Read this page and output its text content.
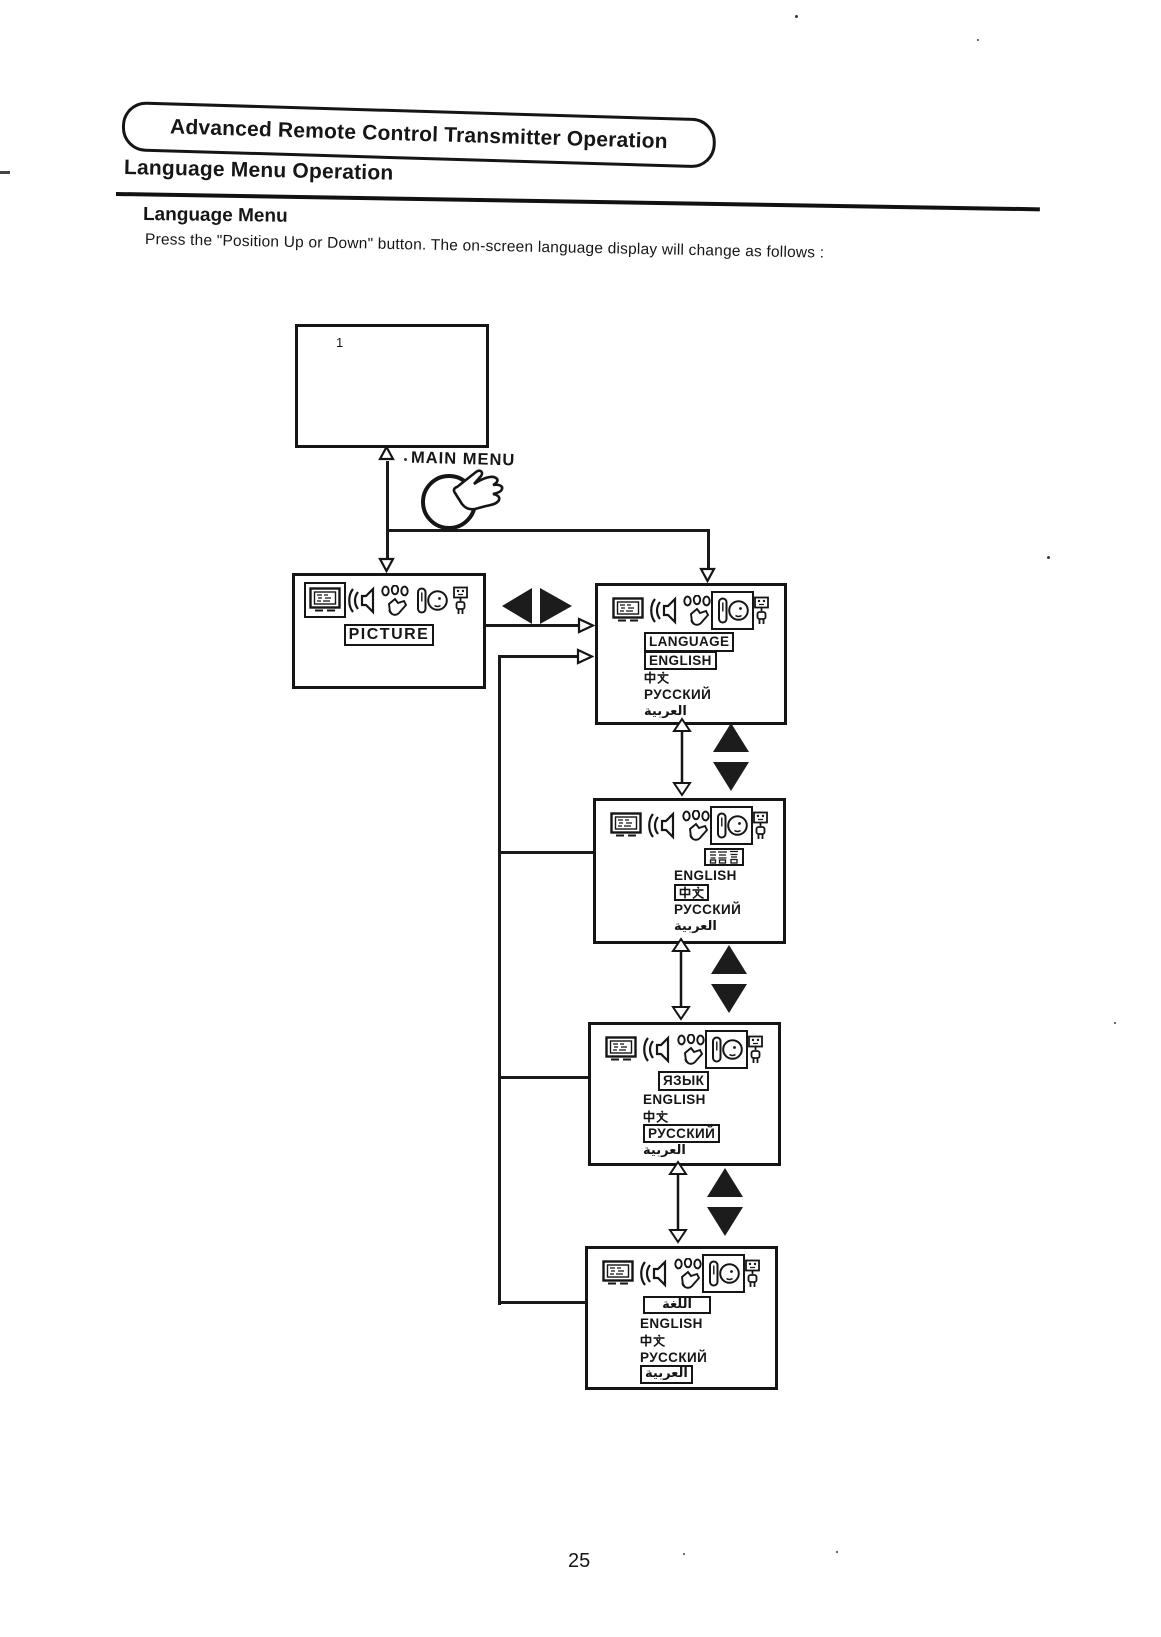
Advanced Remote Control Transmitter Operation
Language Menu Operation
Language Menu
Press the "Position Up or Down" button. The on-screen language display will change as follows :
1
MAIN MENU
PICTURE	LANGUAGE
ENGLISH
РУССКИЙ
العربية
ENGLISH
РУССКИЙ
العربية
ЯЗЫК
ENGLISH
РУССКИЙ
العربية
اللغة
ENGLISH
РУССКИЙ
العربية
25
